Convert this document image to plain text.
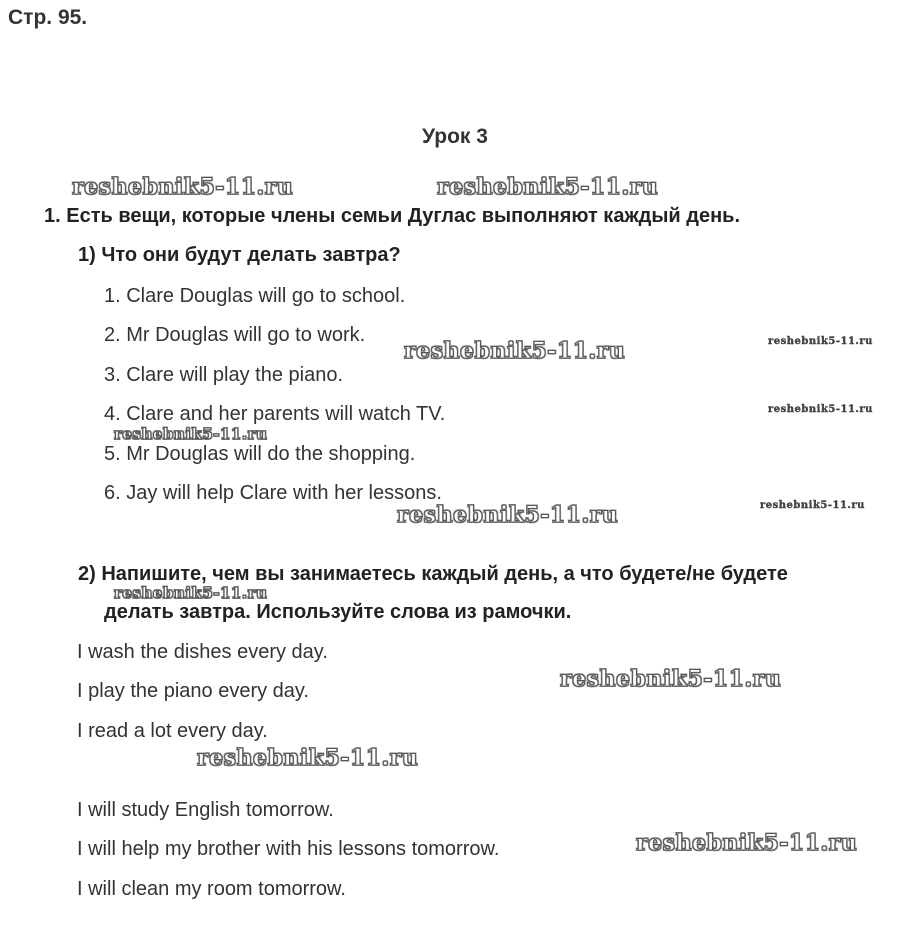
Стр. 95.
Урок 3
reshebnik5-11.ru	reshebnik5-11.ru
reshebnik5-11.ru	reshebnik5-11.ru
reshebnik5-11.ru
reshebnik5-11.ru
reshebnik5-11.ru
reshebnik5-11.ru
reshebnik5-11.ru
reshebnik5-11.ru
reshebnik5-11.ru
reshebnik5-11.ru
1. Есть вещи, которые члены семьи Дуглас выполняют каждый день.
1) Что они будут делать завтра?
1. Clare Douglas will go to school.
2. Mr Douglas will go to work.
3. Clare will play the piano.
4. Clare and her parents will watch TV.
5. Mr Douglas will do the shopping.
6. Jay will help Clare with her lessons.
2) Напишите, чем вы занимаетесь каждый день, а что будете/не будете
делать завтра. Используйте слова из рамочки.
I wash the dishes every day.
I play the piano every day.
I read a lot every day.
I will study English tomorrow.
I will help my brother with his lessons tomorrow.
I will clean my room tomorrow.
